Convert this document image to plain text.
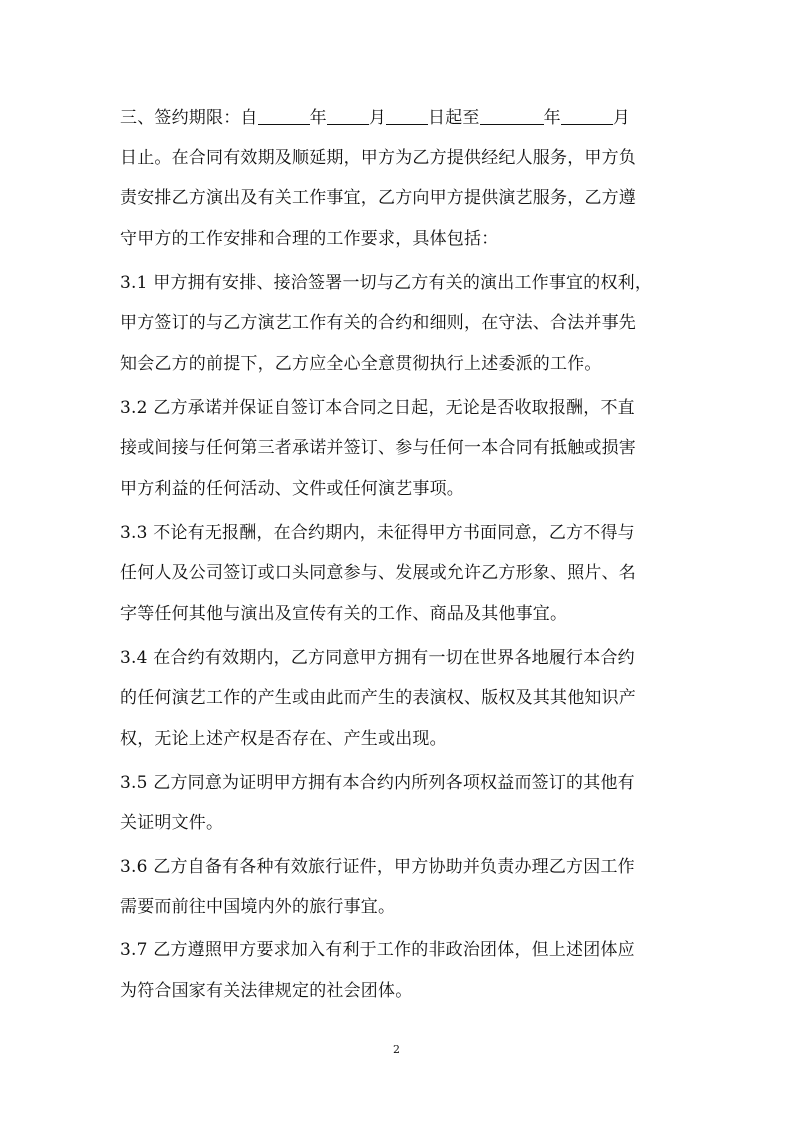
三、签约期限：自	年 月 日起至	年	月
日止。在合同有效期及顺延期，甲方为乙方提供经纪人服务，甲方负
责安排乙方演出及有关工作事宜，乙方向甲方提供演艺服务，乙方遵
守甲方的工作安排和合理的工作要求，具体包括：
3.1 甲方拥有安排、接洽签署一切与乙方有关的演出工作事宜的权利，
甲方签订的与乙方演艺工作有关的合约和细则，在守法、合法并事先
知会乙方的前提下，乙方应全心全意贯彻执行上述委派的工作。
3.2 乙方承诺并保证自签订本合同之日起，无论是否收取报酬，不直
接或间接与任何第三者承诺并签订、参与任何一本合同有抵触或损害
甲方利益的任何活动、文件或任何演艺事项。
3.3 不论有无报酬，在合约期内，未征得甲方书面同意，乙方不得与
任何人及公司签订或口头同意参与、发展或允许乙方形象、照片、名
字等任何其他与演出及宣传有关的工作、商品及其他事宜。
3.4 在合约有效期内，乙方同意甲方拥有一切在世界各地履行本合约
的任何演艺工作的产生或由此而产生的表演权、版权及其其他知识产
权，无论上述产权是否存在、产生或出现。
3.5 乙方同意为证明甲方拥有本合约内所列各项权益而签订的其他有
关证明文件。
3.6 乙方自备有各种有效旅行证件，甲方协助并负责办理乙方因工作
需要而前往中国境内外的旅行事宜。
3.7 乙方遵照甲方要求加入有利于工作的非政治团体，但上述团体应
为符合国家有关法律规定的社会团体。
2
